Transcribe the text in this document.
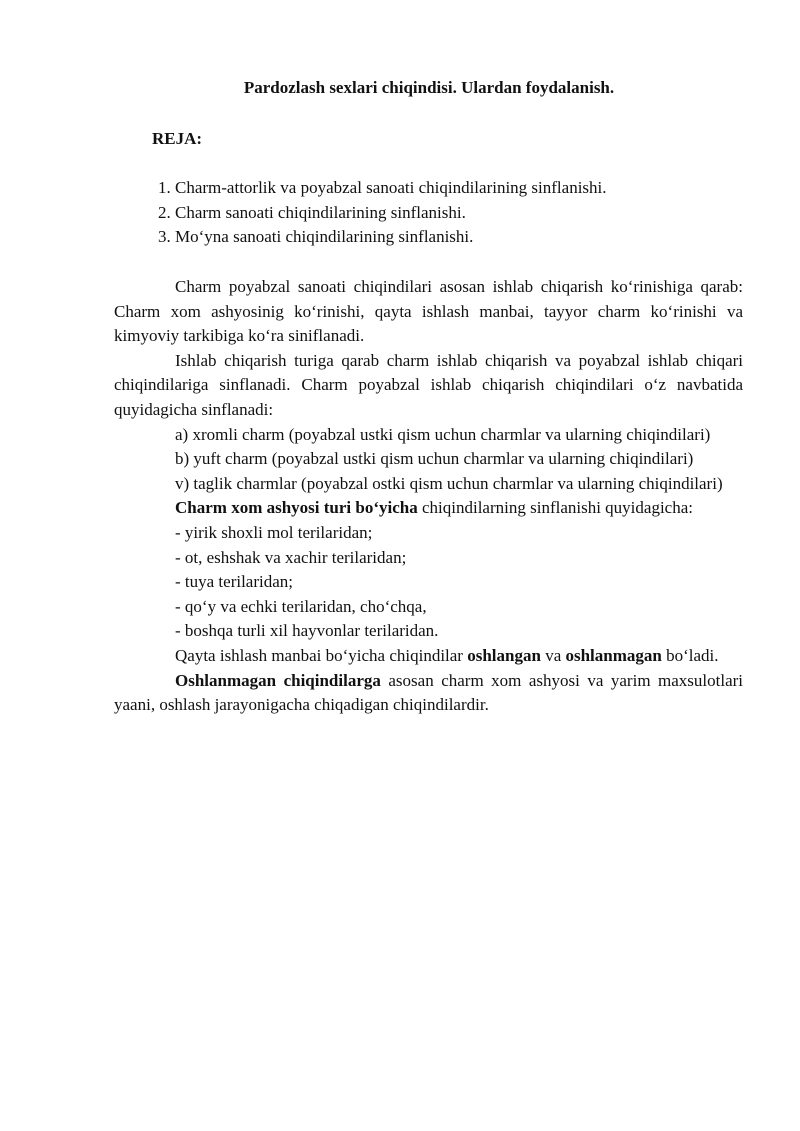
Pardozlash sexlari chiqindisi. Ulardan foydalanish.

REJA:

1. Charm-attorlik va poyabzal sanoati chiqindilarining sinflanishi.
2. Charm sanoati chiqindilarining sinflanishi.
3. Mo‘yna sanoati chiqindilarining sinflanishi.

Charm poyabzal sanoati chiqindilari asosan ishlab chiqarish ko‘rinishiga qarab: Charm xom ashyosinig ko‘rinishi, qayta ishlash manbai, tayyor charm ko‘rinishi va kimyoviy tarkibiga ko‘ra siniflanadi.

Ishlab chiqarish turiga qarab charm ishlab chiqarish va poyabzal ishlab chiqari chiqindilariga sinflanadi. Charm poyabzal ishlab chiqarish chiqindilari o‘z navbatida quyidagicha sinflanadi:

a) xromli charm (poyabzal ustki qism uchun charmlar va ularning chiqindilari)

b) yuft charm (poyabzal ustki qism uchun charmlar va ularning chiqindilari)

v) taglik charmlar (poyabzal ostki qism uchun charmlar va ularning chiqindilari)

Charm xom ashyosi turi bo‘yicha chiqindilarning sinflanishi quyidagicha:

- yirik shoxli mol terilaridan;

- ot, eshshak va xachir terilaridan;

- tuya terilaridan;

- qo‘y va echki terilaridan, cho‘chqa,

- boshqa turli xil hayvonlar terilaridan.

Qayta ishlash manbai bo‘yicha chiqindilar oshlangan va oshlanmagan bo‘ladi.

Oshlanmagan chiqindilarga asosan charm xom ashyosi va yarim maxsulotlari yaani, oshlash jarayonigacha chiqadigan chiqindilardir.
